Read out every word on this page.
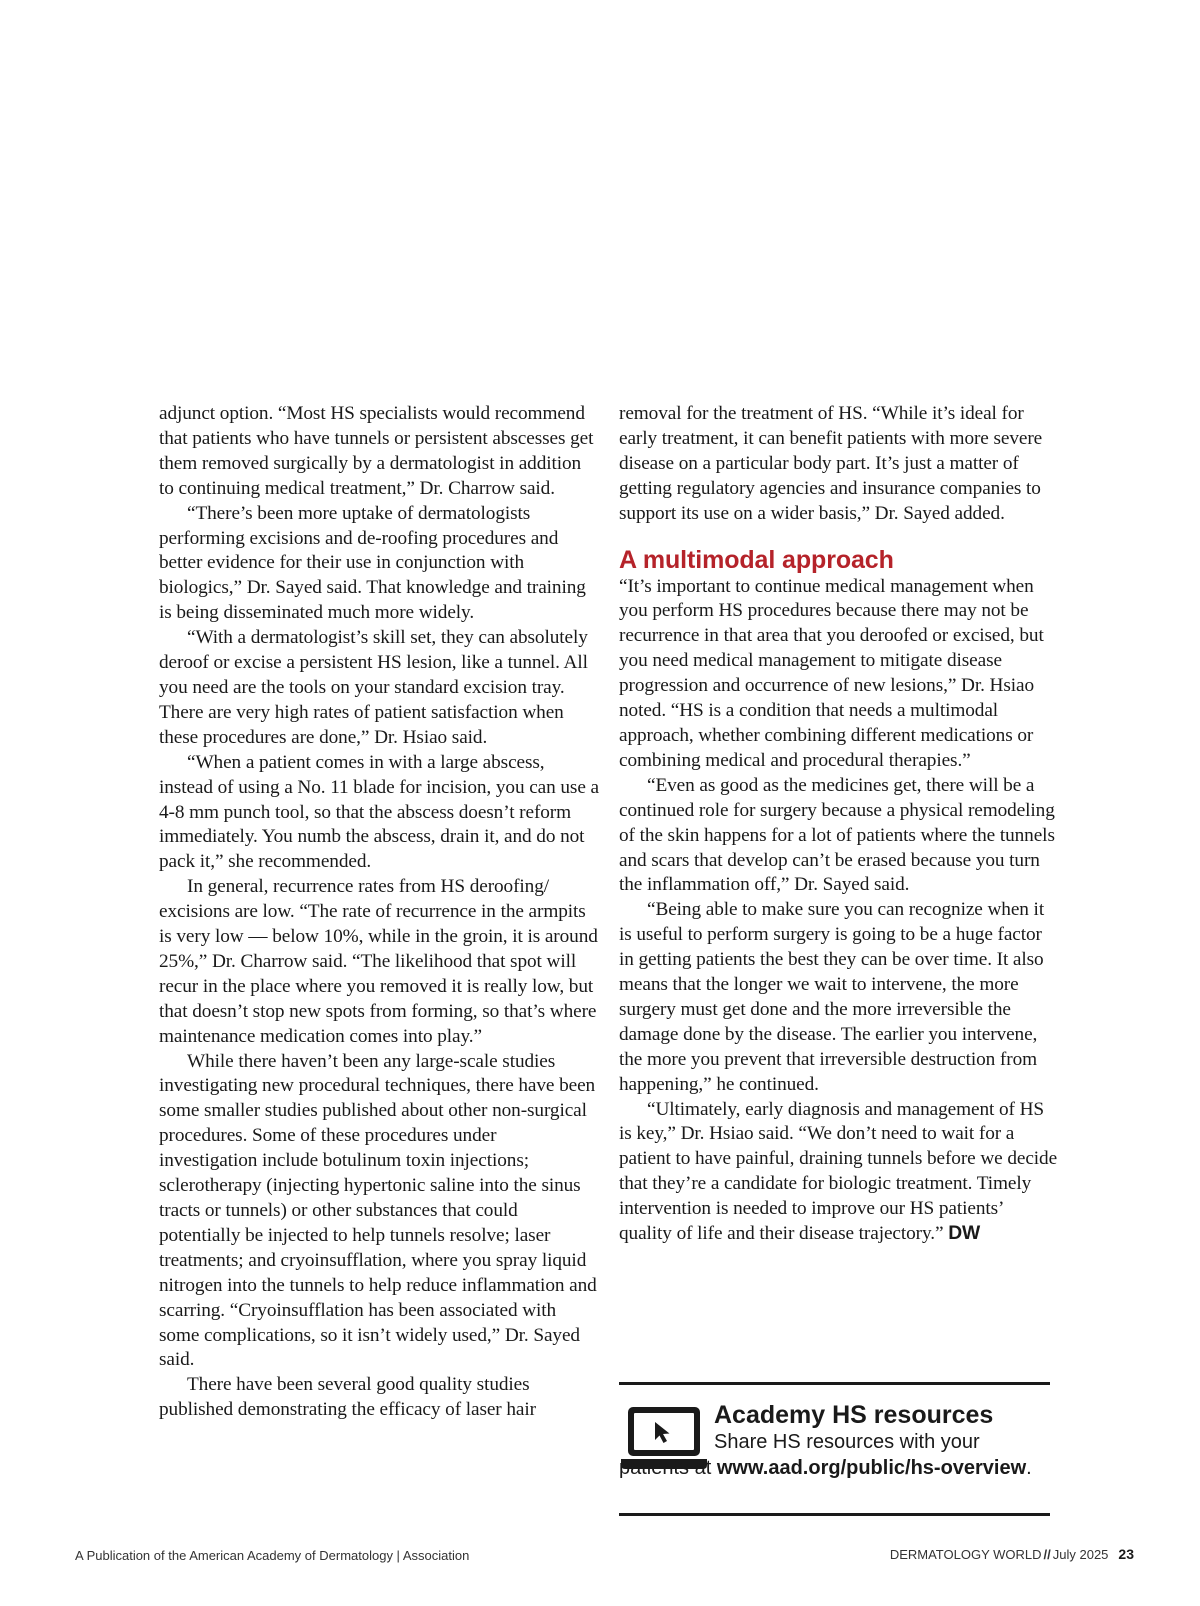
adjunct option. “Most HS specialists would recommend that patients who have tunnels or persistent abscesses get them removed surgically by a dermatologist in addition to continuing medical treatment,” Dr. Charrow said.

“There’s been more uptake of dermatologists performing excisions and de-roofing procedures and better evidence for their use in conjunction with biologics,” Dr. Sayed said. That knowledge and training is being disseminated much more widely.

“With a dermatologist’s skill set, they can absolutely deroof or excise a persistent HS lesion, like a tunnel. All you need are the tools on your standard excision tray. There are very high rates of patient satisfaction when these procedures are done,” Dr. Hsiao said.

“When a patient comes in with a large abscess, instead of using a No. 11 blade for incision, you can use a 4-8 mm punch tool, so that the abscess doesn’t reform immediately. You numb the abscess, drain it, and do not pack it,” she recommended.

In general, recurrence rates from HS deroofing/ excisions are low. “The rate of recurrence in the armpits is very low — below 10%, while in the groin, it is around 25%,” Dr. Charrow said. “The likelihood that spot will recur in the place where you removed it is really low, but that doesn’t stop new spots from forming, so that’s where maintenance medication comes into play.”

While there haven’t been any large-scale studies investigating new procedural techniques, there have been some smaller studies published about other non-surgical procedures. Some of these procedures under investigation include botulinum toxin injections; sclerotherapy (injecting hypertonic saline into the sinus tracts or tunnels) or other substances that could potentially be injected to help tunnels resolve; laser treatments; and cryoinsufflation, where you spray liquid nitrogen into the tunnels to help reduce inflammation and scarring. “Cryoinsufflation has been associated with some complications, so it isn’t widely used,” Dr. Sayed said.

There have been several good quality studies published demonstrating the efficacy of laser hair

removal for the treatment of HS. “While it’s ideal for early treatment, it can benefit patients with more severe disease on a particular body part. It’s just a matter of getting regulatory agencies and insurance companies to support its use on a wider basis,” Dr. Sayed added.

A multimodal approach

“It’s important to continue medical management when you perform HS procedures because there may not be recurrence in that area that you deroofed or excised, but you need medical management to mitigate disease progression and occurrence of new lesions,” Dr. Hsiao noted. “HS is a condition that needs a multimodal approach, whether combining different medications or combining medical and procedural therapies.”

“Even as good as the medicines get, there will be a continued role for surgery because a physical remodeling of the skin happens for a lot of patients where the tunnels and scars that develop can’t be erased because you turn the inflammation off,” Dr. Sayed said.

“Being able to make sure you can recognize when it is useful to perform surgery is going to be a huge factor in getting patients the best they can be over time. It also means that the longer we wait to intervene, the more surgery must get done and the more irreversible the damage done by the disease. The earlier you intervene, the more you prevent that irreversible destruction from happening,” he continued.

“Ultimately, early diagnosis and management of HS is key,” Dr. Hsiao said. “We don’t need to wait for a patient to have painful, draining tunnels before we decide that they’re a candidate for biologic treatment. Timely intervention is needed to improve our HS patients’ quality of life and their disease trajectory.” DW

Academy HS resources

Share HS resources with your patients at www.aad.org/public/hs-overview.

A Publication of the American Academy of Dermatology | Association	DERMATOLOGY WORLD // July 2025 23
